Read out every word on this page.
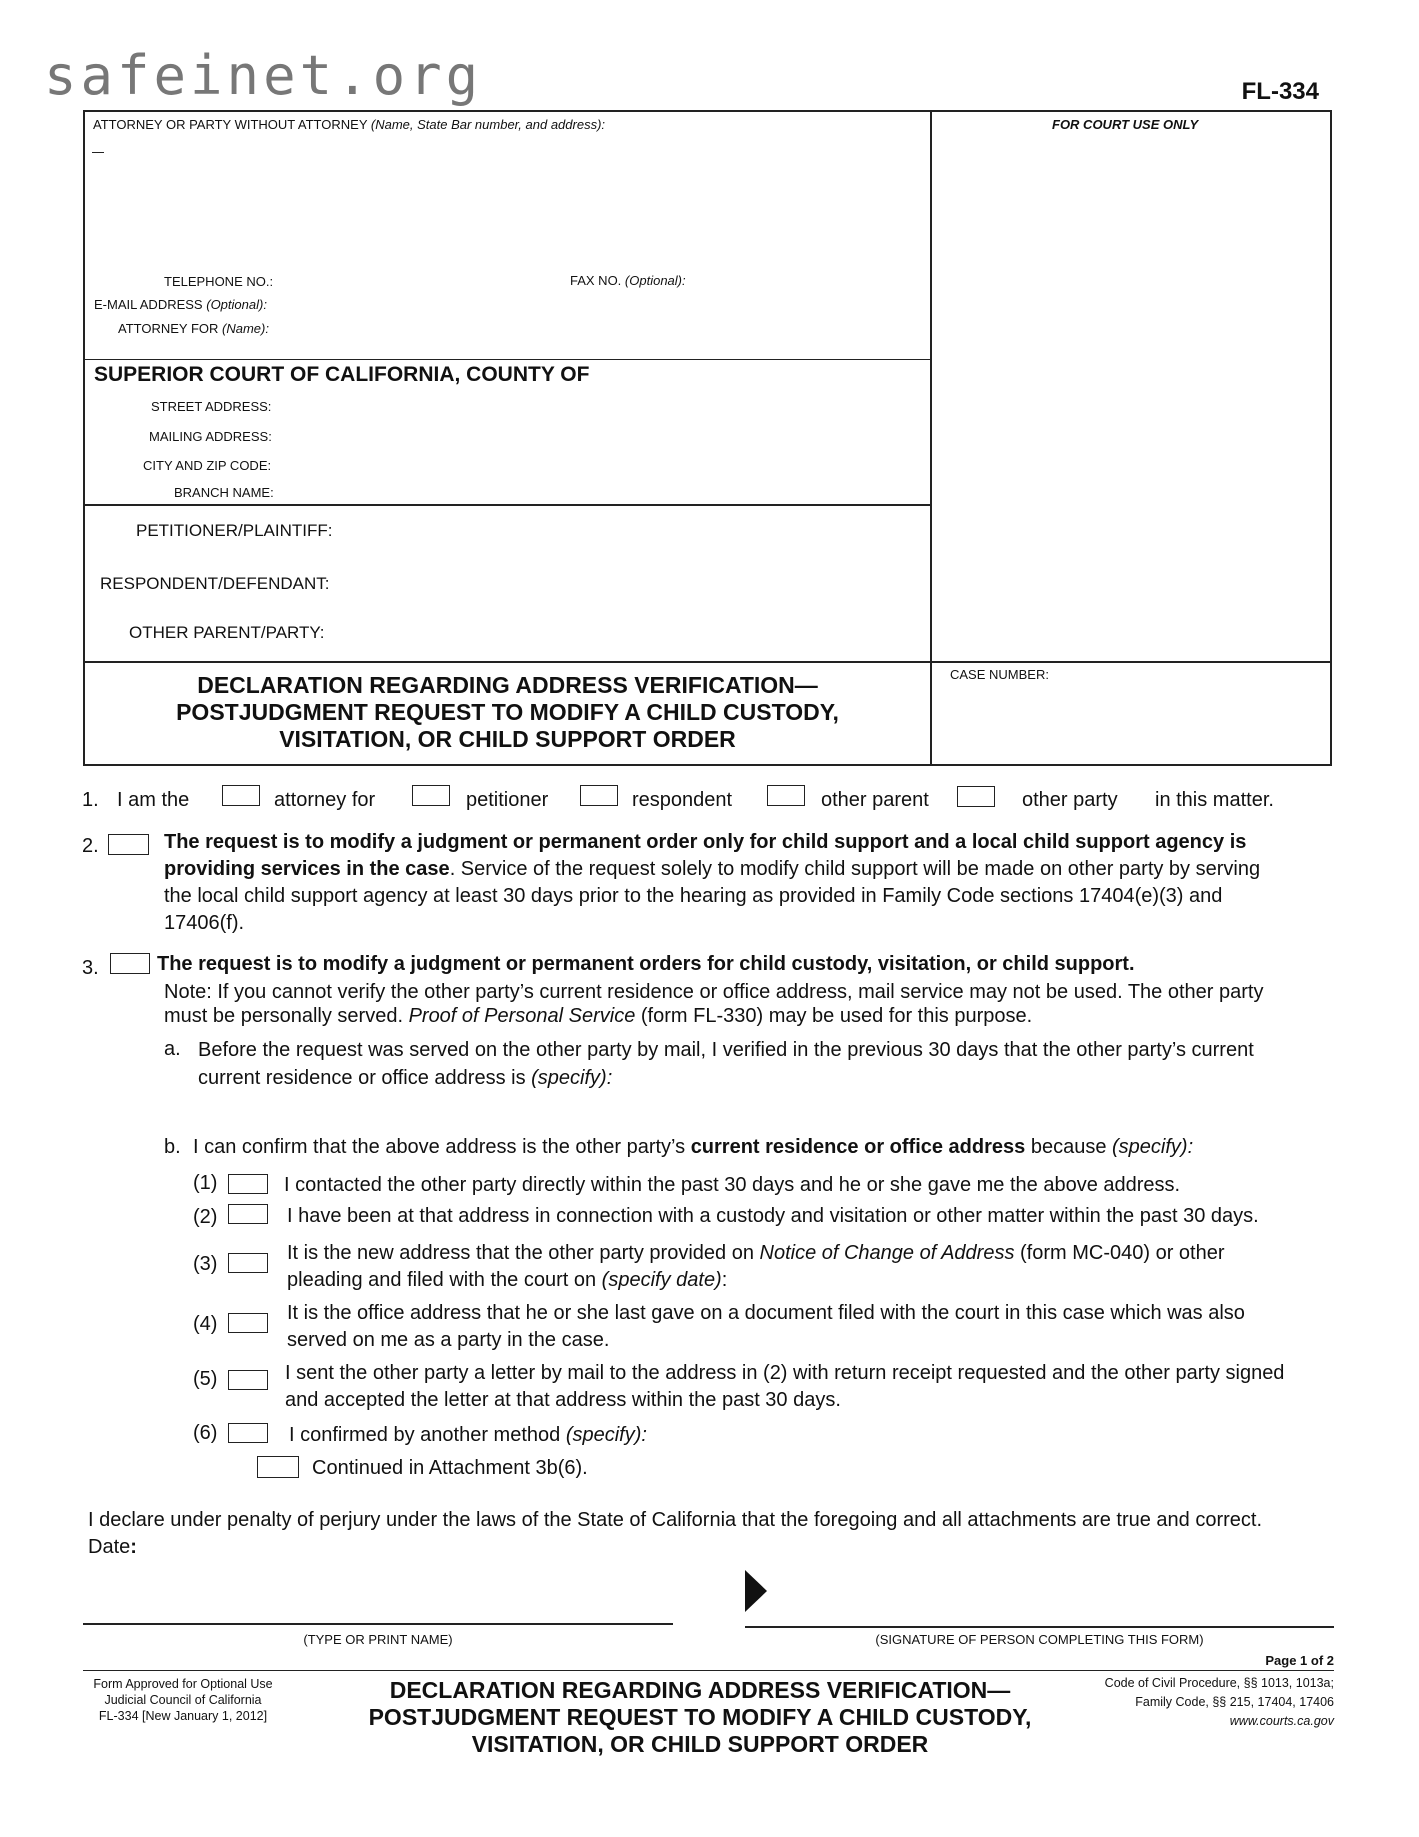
safeinet.org	FL-334
ATTORNEY OR PARTY WITHOUT ATTORNEY (Name, State Bar number, and address):	FOR COURT USE ONLY
TELEPHONE NO.:	FAX NO. (Optional):
E-MAIL ADDRESS (Optional):
ATTORNEY FOR (Name):
SUPERIOR COURT OF CALIFORNIA, COUNTY OF
STREET ADDRESS:
MAILING ADDRESS:
CITY AND ZIP CODE:
BRANCH NAME:
PETITIONER/PLAINTIFF:
RESPONDENT/DEFENDANT:
OTHER PARENT/PARTY:
DECLARATION REGARDING ADDRESS VERIFICATION—
POSTJUDGMENT REQUEST TO MODIFY A CHILD CUSTODY,
VISITATION, OR CHILD SUPPORT ORDER
CASE NUMBER:
1. I am the	attorney for	petitioner	respondent	other parent	other party in this matter.
2.	The request is to modify a judgment or permanent order only for child support and a local child support agency is
providing services in the case. Service of the request solely to modify child support will be made on other party by serving
the local child support agency at least 30 days prior to the hearing as provided in Family Code sections 17404(e)(3) and
17406(f).
3.	The request is to modify a judgment or permanent orders for child custody, visitation, or child support.
Note: If you cannot verify the other party’s current residence or office address, mail service may not be used. The other party
must be personally served. Proof of Personal Service (form FL-330) may be used for this purpose.
a. Before the request was served on the other party by mail, I verified in the previous 30 days that the other party’s current
current residence or office address is (specify):
b. I can confirm that the above address is the other party’s current residence or office address because (specify):
(1)	I contacted the other party directly within the past 30 days and he or she gave me the above address.
(2)	I have been at that address in connection with a custody and visitation or other matter within the past 30 days.
(3)	It is the new address that the other party provided on Notice of Change of Address (form MC-040) or other
pleading and filed with the court on (specify date):
(4)	It is the office address that he or she last gave on a document filed with the court in this case which was also
served on me as a party in the case.
(5)	I sent the other party a letter by mail to the address in (2) with return receipt requested and the other party signed
and accepted the letter at that address within the past 30 days.
(6)	I confirmed by another method (specify):
Continued in Attachment 3b(6).
I declare under penalty of perjury under the laws of the State of California that the foregoing and all attachments are true and correct.
Date:
(TYPE OR PRINT NAME)	(SIGNATURE OF PERSON COMPLETING THIS FORM)
Page 1 of 2
Form Approved for Optional Use
Judicial Council of California
FL-334 [New January 1, 2012]
DECLARATION REGARDING ADDRESS VERIFICATION—
POSTJUDGMENT REQUEST TO MODIFY A CHILD CUSTODY,
VISITATION, OR CHILD SUPPORT ORDER
Code of Civil Procedure, §§ 1013, 1013a;
Family Code, §§ 215, 17404, 17406
www.courts.ca.gov
